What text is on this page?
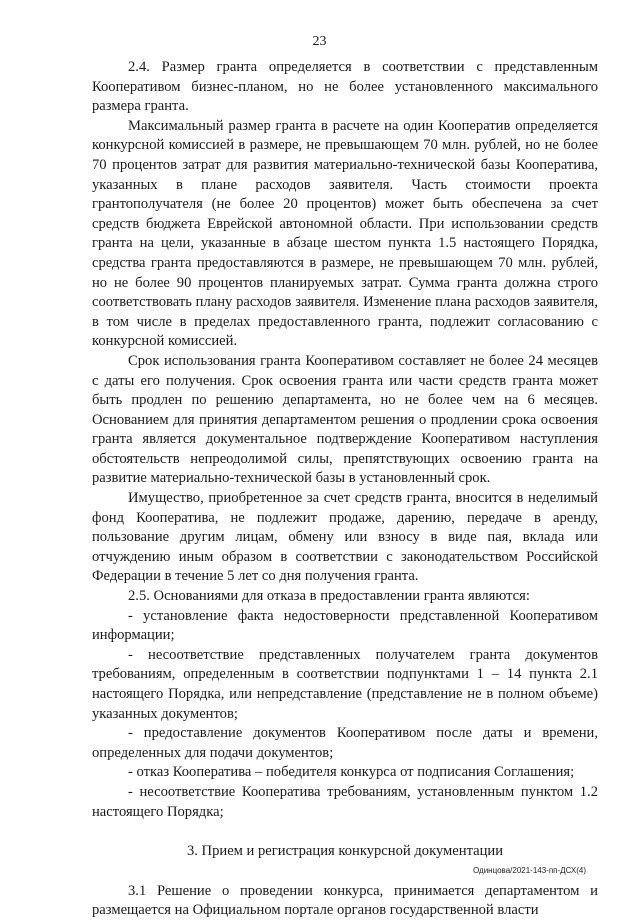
23

2.4. Размер гранта определяется в соответствии с представленным Кооперативом бизнес-планом, но не более установленного максимального размера гранта.

Максимальный размер гранта в расчете на один Кооператив определяется конкурсной комиссией в размере, не превышающем 70 млн. рублей, но не более 70 процентов затрат для развития материально-технической базы Кооператива, указанных в плане расходов заявителя. Часть стоимости проекта грантополучателя (не более 20 процентов) может быть обеспечена за счет средств бюджета Еврейской автономной области. При использовании средств гранта на цели, указанные в абзаце шестом пункта 1.5 настоящего Порядка, средства гранта предоставляются в размере, не превышающем 70 млн. рублей, но не более 90 процентов планируемых затрат. Сумма гранта должна строго соответствовать плану расходов заявителя. Изменение плана расходов заявителя, в том числе в пределах предоставленного гранта, подлежит согласованию с конкурсной комиссией.

Срок использования гранта Кооперативом составляет не более 24 месяцев с даты его получения. Срок освоения гранта или части средств гранта может быть продлен по решению департамента, но не более чем на 6 месяцев. Основанием для принятия департаментом решения о продлении срока освоения гранта является документальное подтверждение Кооперативом наступления обстоятельств непреодолимой силы, препятствующих освоению гранта на развитие материально-технической базы в установленный срок.

Имущество, приобретенное за счет средств гранта, вносится в неделимый фонд Кооператива, не подлежит продаже, дарению, передаче в аренду, пользование другим лицам, обмену или взносу в виде пая, вклада или отчуждению иным образом в соответствии с законодательством Российской Федерации в течение 5 лет со дня получения гранта.

2.5. Основаниями для отказа в предоставлении гранта являются:

- установление факта недостоверности представленной Кооперативом информации;

- несоответствие представленных получателем гранта документов требованиям, определенным в соответствии подпунктами 1 – 14 пункта 2.1 настоящего Порядка, или непредставление (представление не в полном объеме) указанных документов;

- предоставление документов Кооперативом после даты и времени, определенных для подачи документов;

- отказ Кооператива – победителя конкурса от подписания Соглашения;

- несоответствие Кооператива требованиям, установленным пунктом 1.2 настоящего Порядка;

3. Прием и регистрация конкурсной документации

3.1 Решение о проведении конкурса, принимается департаментом и размещается на Официальном портале органов государственной власти

Одинцова/2021-143-пп-ДСХ(4)
